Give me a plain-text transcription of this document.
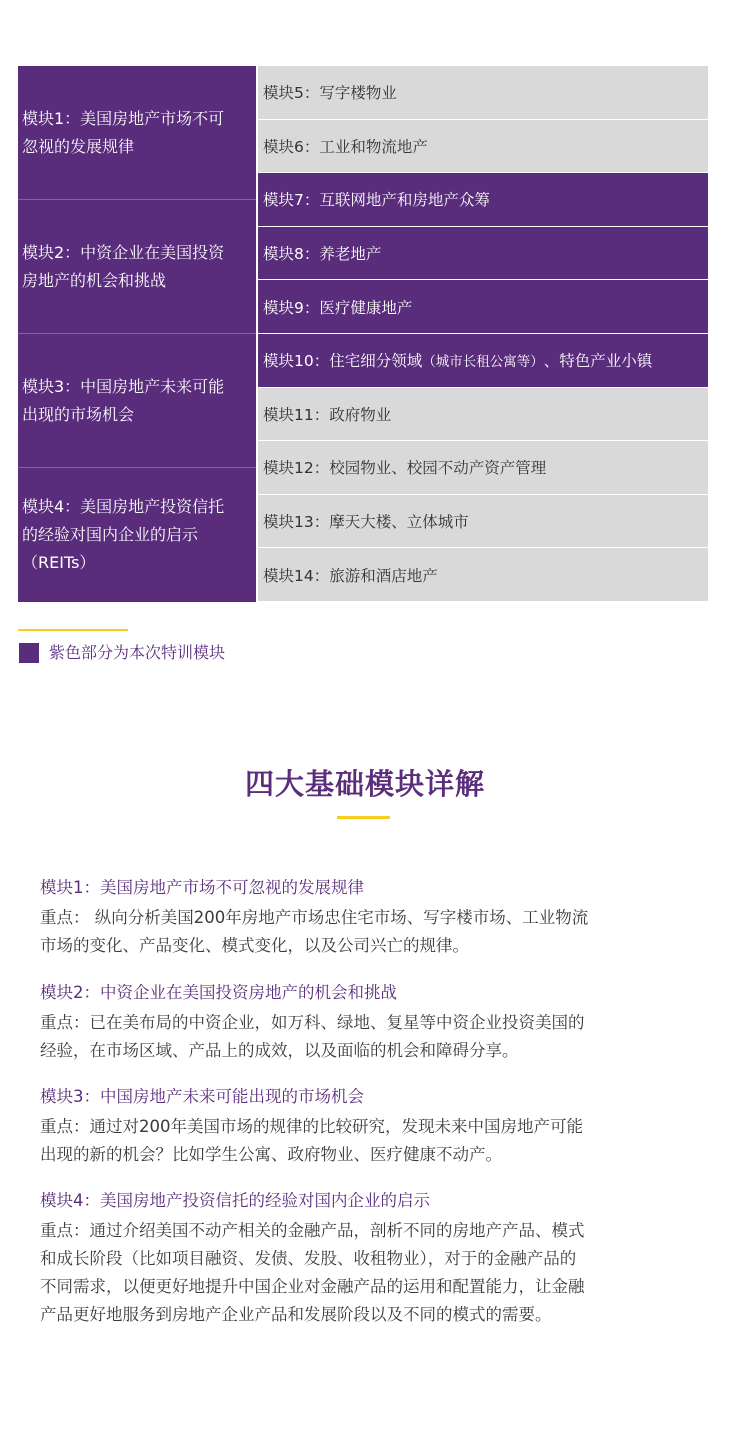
模块1：美国房地产市场不可
忽视的发展规律
模块2：中资企业在美国投资
房地产的机会和挑战
模块3：中国房地产未来可能
出现的市场机会
模块4：美国房地产投资信托
的经验对国内企业的启示
（REITs）
模块5：写字楼物业
模块6：工业和物流地产
模块7：互联网地产和房地产众筹
模块8：养老地产
模块9：医疗健康地产
模块10：住宅细分领域 （城市长租公寓等） 、特色产业小镇
模块11：政府物业
模块12：校园物业、校园不动产资产管理
模块13：摩天大楼、立体城市
模块14：旅游和酒店地产
紫色部分为本次特训模块
四大基础模块详解
模块1：美国房地产市场不可忽视的发展规律
重点： 纵向分析美国200年房地产市场忠住宅市场、写字楼市场、工业物流
市场的变化、产品变化、模式变化，以及公司兴亡的规律。
模块2：中资企业在美国投资房地产的机会和挑战
重点：已在美布局的中资企业，如万科、绿地、复星等中资企业投资美国的
经验，在市场区域、产品上的成效，以及面临的机会和障碍分享。
模块3：中国房地产未来可能出现的市场机会
重点：通过对200年美国市场的规律的比较研究，发现未来中国房地产可能
出现的新的机会？比如学生公寓、政府物业、医疗健康不动产。
模块4：美国房地产投资信托的经验对国内企业的启示
重点：通过介绍美国不动产相关的金融产品，剖析不同的房地产产品、模式
和成长阶段（比如项目融资、发债、发股、收租物业），对于的金融产品的
不同需求，以便更好地提升中国企业对金融产品的运用和配置能力，让金融
产品更好地服务到房地产企业产品和发展阶段以及不同的模式的需要。
